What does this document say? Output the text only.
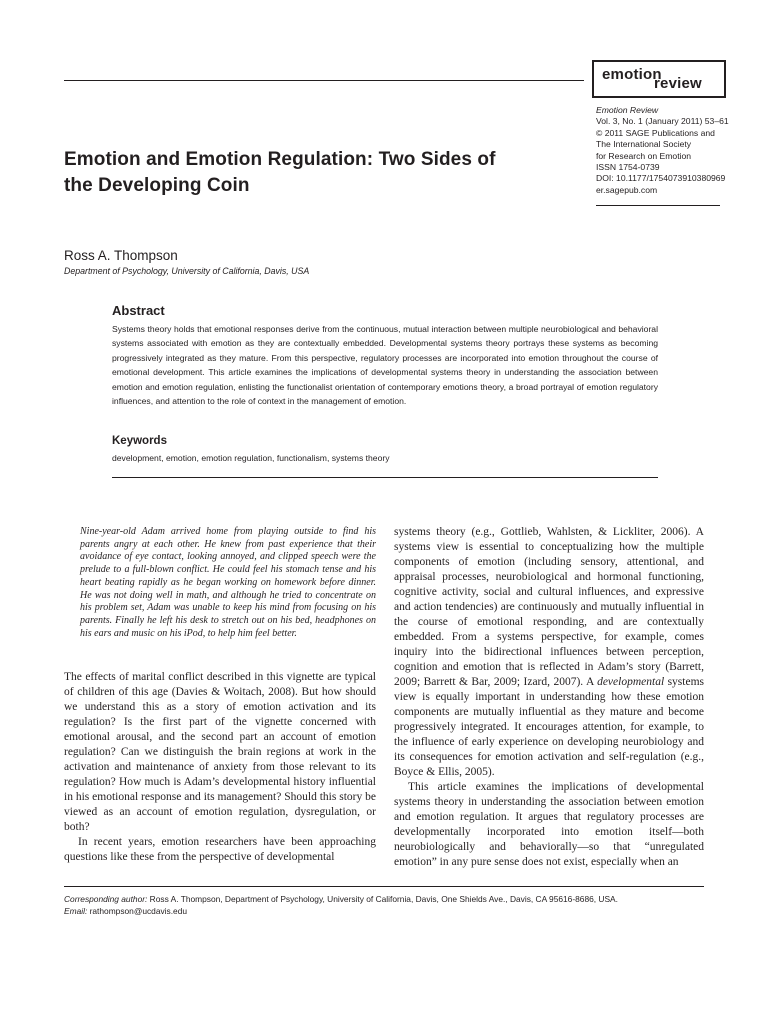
emotion
review
Emotion Review
Vol. 3, No. 1 (January 2011) 53–61
© 2011 SAGE Publications and
The International Society
for Research on Emotion
ISSN 1754-0739
DOI: 10.1177/1754073910380969
er.sagepub.com
Emotion and Emotion Regulation: Two Sides of the Developing Coin
Ross A. Thompson
Department of Psychology, University of California, Davis, USA
Abstract
Systems theory holds that emotional responses derive from the continuous, mutual interaction between multiple neurobiological and behavioral systems associated with emotion as they are contextually embedded. Developmental systems theory portrays these systems as becoming progressively integrated as they mature. From this perspective, regulatory processes are incorporated into emotion throughout the course of emotional development. This article examines the implications of developmental systems theory in understanding the association between emotion and emotion regulation, enlisting the functionalist orientation of contemporary emotions theory, a broad portrayal of emotion regulatory influences, and attention to the role of context in the management of emotion.
Keywords
development, emotion, emotion regulation, functionalism, systems theory
Nine-year-old Adam arrived home from playing outside to find his parents angry at each other. He knew from past experience that their avoidance of eye contact, looking annoyed, and clipped speech were the prelude to a full-blown conflict. He could feel his stomach tense and his heart beating rapidly as he began working on homework before dinner. He was not doing well in math, and although he tried to concentrate on his problem set, Adam was unable to keep his mind from focusing on his parents. Finally he left his desk to stretch out on his bed, headphones on his ears and music on his iPod, to help him feel better.

The effects of marital conflict described in this vignette are typical of children of this age (Davies & Woitach, 2008). But how should we understand this as a story of emotion activation and its regulation? Is the first part of the vignette concerned with emotional arousal, and the second part an account of emotion regulation? Can we distinguish the brain regions at work in the activation and maintenance of anxiety from those relevant to its regulation? How much is Adam’s developmental history influential in his emotional response and its management? Should this story be viewed as an account of emotion regulation, dysregulation, or both?

In recent years, emotion researchers have been approaching questions like these from the perspective of developmental

systems theory (e.g., Gottlieb, Wahlsten, & Lickliter, 2006). A systems view is essential to conceptualizing how the multiple components of emotion (including sensory, attentional, and appraisal processes, neurobiological and hormonal functioning, cognitive activity, social and cultural influences, and expressive and action tendencies) are continuously and mutually influential in the course of emotional responding, and are contextually embedded. From a systems perspective, for example, comes inquiry into the bidirectional influences between perception, cognition and emotion that is reflected in Adam’s story (Barrett, 2009; Barrett & Bar, 2009; Izard, 2007). A developmental systems view is equally important in understanding how these emotion components are mutually influential as they mature and become progressively integrated. It encourages attention, for example, to the influence of early experience on developing neurobiology and its consequences for emotion activation and self-regulation (e.g., Boyce & Ellis, 2005).

This article examines the implications of developmental systems theory in understanding the association between emotion and emotion regulation. It argues that regulatory processes are developmentally incorporated into emotion itself—both neurobiologically and behaviorally—so that “unregulated emotion” in any pure sense does not exist, especially when an

Corresponding author: Ross A. Thompson, Department of Psychology, University of California, Davis, One Shields Ave., Davis, CA 95616-8686, USA.
Email: rathompson@ucdavis.edu
